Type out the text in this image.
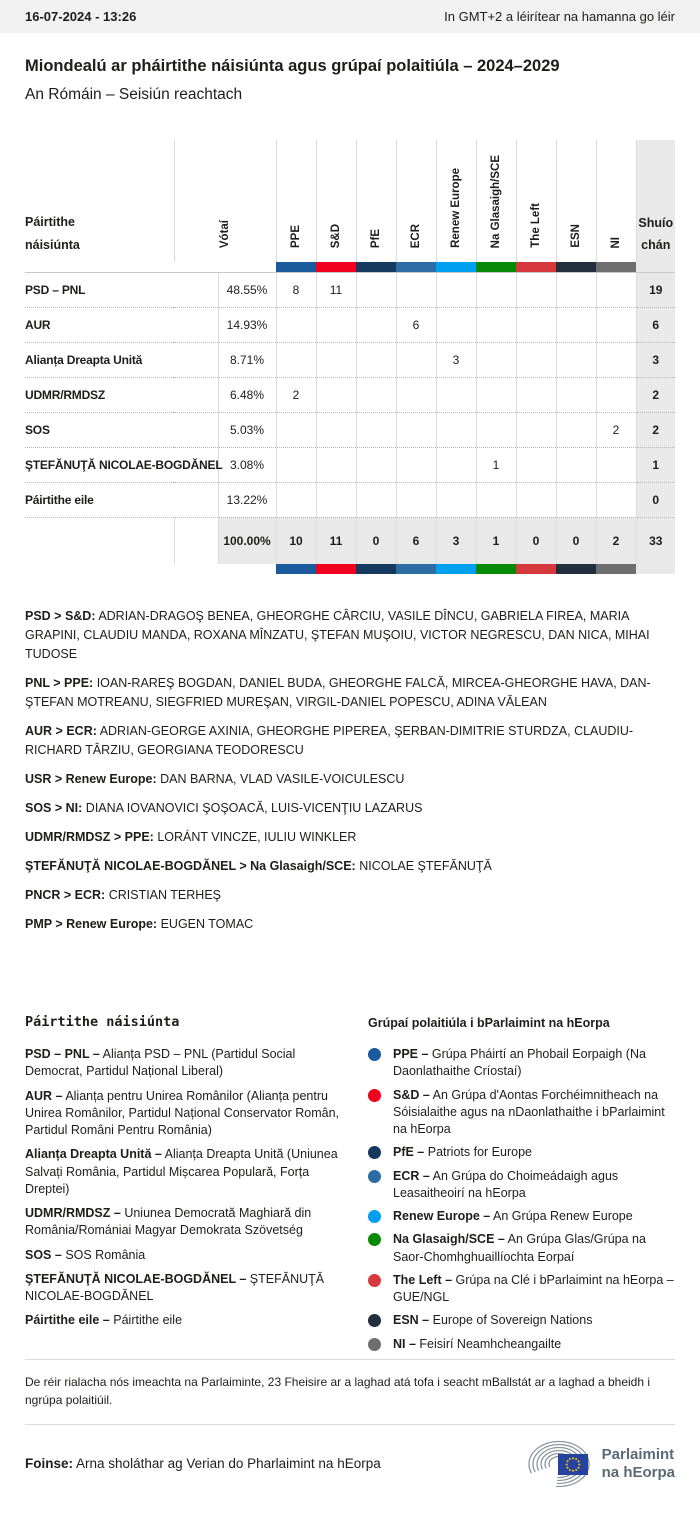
16-07-2024 - 13:26	In GMT+2 a léirítear na hamanna go léir
Miondealú ar pháirtithe náisiúnta agus grúpaí polaitiúla – 2024–2029
An Rómáin – Seisiún reachtach
Páirtithe náisiúnta	Vótaí		PPE	S&D	PfE	ECR	Renew Europe	Na Glasaigh/SCE	The Left	ESN	NI	Shuío
chán

PSD – PNL		48.55%	8	11								19
AUR		14.93%				6						6
Alianța Dreapta Unită		8.71%					3					3
UDMR/RMDSZ		6.48%	2									2
SOS		5.03%									2	2
ŞTEFĂNUŢĂ NICOLAE-BOGDĂNEL		3.08%						1				1
Páirtithe eile		13.22%										0
		100.00%	10	11	0	6	3	1	0	0	2	33

PSD > S&D: ADRIAN-DRAGOŞ BENEA, GHEORGHE CÂRCIU, VASILE DÎNCU, GABRIELA FIREA, MARIA GRAPINI, CLAUDIU MANDA, ROXANA MÎNZATU, ŞTEFAN MUŞOIU, VICTOR NEGRESCU, DAN NICA, MIHAI TUDOSE

PNL > PPE: IOAN-RAREŞ BOGDAN, DANIEL BUDA, GHEORGHE FALCĂ, MIRCEA-GHEORGHE HAVA, DAN-ŞTEFAN MOTREANU, SIEGFRIED MUREŞAN, VIRGIL-DANIEL POPESCU, ADINA VĂLEAN

AUR > ECR: ADRIAN-GEORGE AXINIA, GHEORGHE PIPEREA, ŞERBAN-DIMITRIE STURDZA, CLAUDIU-RICHARD TÂRZIU, GEORGIANA TEODORESCU

USR > Renew Europe: DAN BARNA, VLAD VASILE-VOICULESCU

SOS > NI: DIANA IOVANOVICI ŞOŞOACĂ, LUIS-VICENŢIU LAZARUS

UDMR/RMDSZ > PPE: LORÁNT VINCZE, IULIU WINKLER

ŞTEFĂNUŢĂ NICOLAE-BOGDĂNEL > Na Glasaigh/SCE: NICOLAE ŞTEFĂNUŢĂ

PNCR > ECR: CRISTIAN TERHEŞ

PMP > Renew Europe: EUGEN TOMAC

Páirtithe náisiúnta

PSD – PNL – Alianța PSD – PNL (Partidul Social Democrat, Partidul Național Liberal)

AUR – Alianța pentru Unirea Românilor (Alianța pentru Unirea Românilor, Partidul Național Conservator Român, Partidul Români Pentru România)

Alianța Dreapta Unită – Alianța Dreapta Unită (Uniunea Salvați România, Partidul Mișcarea Populară, Forța Dreptei)

UDMR/RMDSZ – Uniunea Democrată Maghiară din România/Romániai Magyar Demokrata Szövetség

SOS – SOS România

ŞTEFĂNUŢĂ NICOLAE-BOGDĂNEL – ŞTEFĂNUŢĂ NICOLAE-BOGDĂNEL

Páirtithe eile – Páirtithe eile

Grúpaí polaitiúla i bParlaimint na hEorpa

PPE – Grúpa Pháirtí an Phobail Eorpaigh (Na Daonlathaithe Críostaí)

S&D – An Grúpa d'Aontas Forchéimnitheach na Sóisialaithe agus na nDaonlathaithe i bParlaimint na hEorpa

PfE – Patriots for Europe

ECR – An Grúpa do Choimeádaigh agus Leasaitheoirí na hEorpa

Renew Europe – An Grúpa Renew Europe

Na Glasaigh/SCE – An Grúpa Glas/Grúpa na Saor-Chomhghuaillíochta Eorpaí

The Left – Grúpa na Clé i bParlaimint na hEorpa – GUE/NGL

ESN – Europe of Sovereign Nations

NI – Feisirí Neamhcheangailte

De réir rialacha nós imeachta na Parlaiminte, 23 Fheisire ar a laghad atá tofa i seacht mBallstát ar a laghad a bheidh i ngrúpa polaitiúil.

Foinse: Arna sholáthar ag Verian do Pharlaimint na hEorpa

Parlaimint
na hEorpa
